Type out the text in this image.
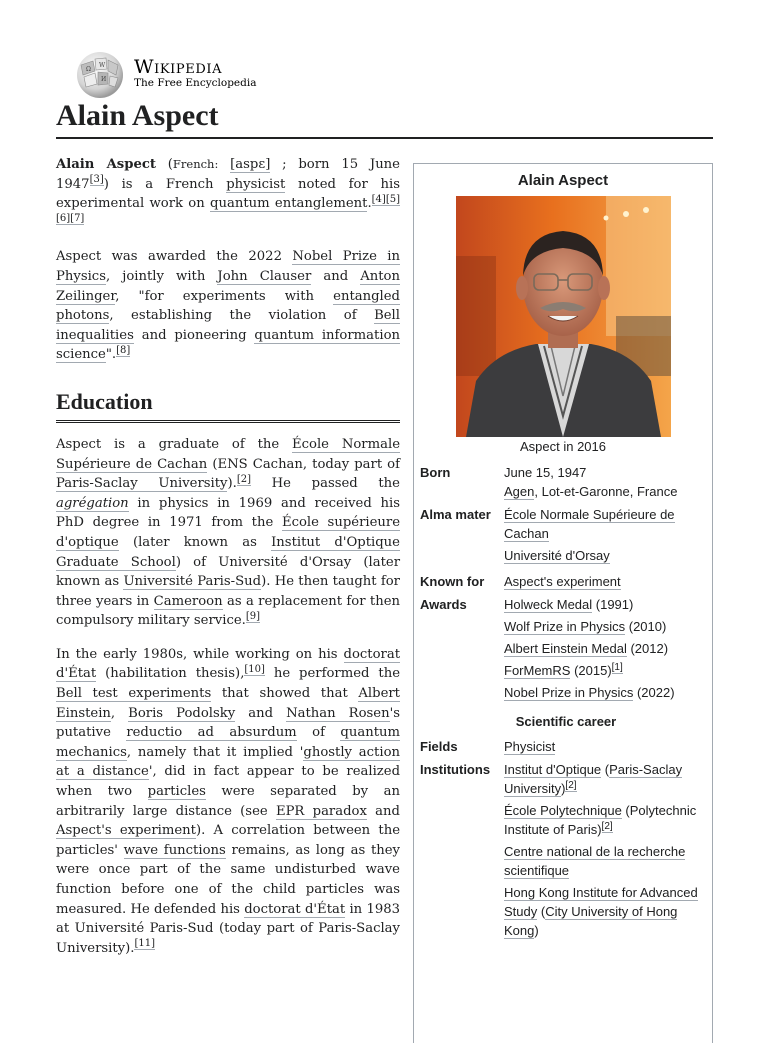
Ω
W
И
Wikipedia
The Free Encyclopedia
Alain Aspect

Alain Aspect (French: [aspɛ] ; born 15 June 1947[3]) is a French physicist noted for his experimental work on quantum entanglement.[4][5][6][7]

Aspect was awarded the 2022 Nobel Prize in Physics, jointly with John Clauser and Anton Zeilinger, "for experiments with entangled photons, establishing the violation of Bell inequalities and pioneering quantum information science".[8]

Education

Aspect is a graduate of the École Normale Supérieure de Cachan (ENS Cachan, today part of Paris-Saclay University).[2] He passed the agrégation in physics in 1969 and received his PhD degree in 1971 from the École supérieure d'optique (later known as Institut d'Optique Graduate School) of Université d'Orsay (later known as Université Paris-Sud). He then taught for three years in Cameroon as a replacement for then compulsory military service.[9]

In the early 1980s, while working on his doctorat d'État (habilitation thesis),[10] he performed the Bell test experiments that showed that Albert Einstein, Boris Podolsky and Nathan Rosen's putative reductio ad absurdum of quantum mechanics, namely that it implied 'ghostly action at a distance', did in fact appear to be realized when two particles were separated by an arbitrarily large distance (see EPR paradox and Aspect's experiment). A correlation between the particles' wave functions remains, as long as they were once part of the same undisturbed wave function before one of the child particles was measured. He defended his doctorat d'État in 1983 at Université Paris-Sud (today part of Paris-Saclay University).[11]

Alain Aspect
Aspect in 2016
Born	June 15, 1947
Agen, Lot-et-Garonne, France

Alma mater	École Normale Supérieure de Cachan
Université d'Orsay

Known for	Aspect's experiment
Awards	Holweck Medal (1991)
Wolf Prize in Physics (2010)
Albert Einstein Medal (2012)
ForMemRS (2015)[1]
Nobel Prize in Physics (2022)

Scientific career	
Fields	Physicist
Institutions	Institut d'Optique (Paris-Saclay University)[2]
École Polytechnique (Polytechnic Institute of Paris)[2]
Centre national de la recherche scientifique
Hong Kong Institute for Advanced Study (City University of Hong Kong)
